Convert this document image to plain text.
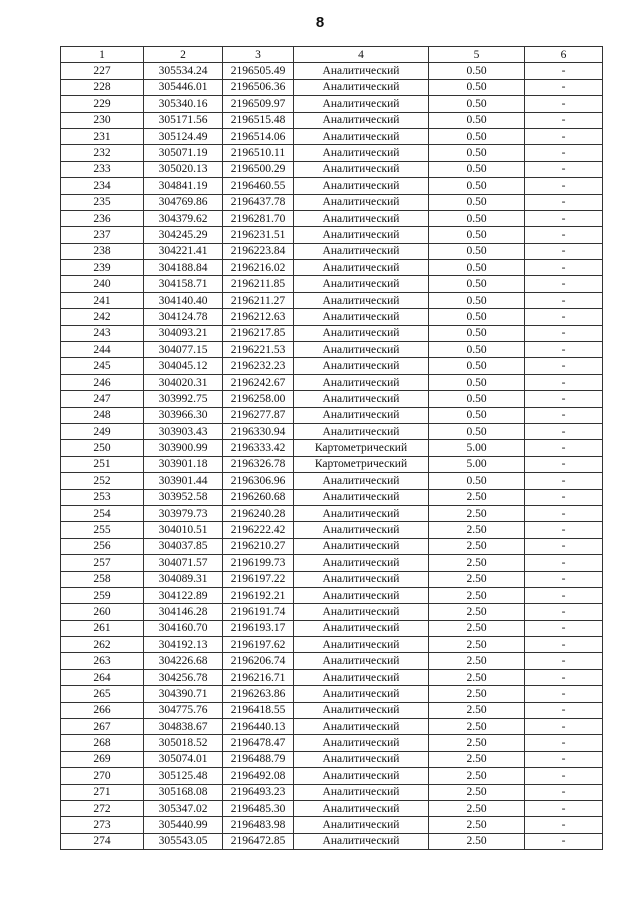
8
1	2	3	4	5	6
227	305534.24	2196505.49	Аналитический	0.50	-
228	305446.01	2196506.36	Аналитический	0.50	-
229	305340.16	2196509.97	Аналитический	0.50	-
230	305171.56	2196515.48	Аналитический	0.50	-
231	305124.49	2196514.06	Аналитический	0.50	-
232	305071.19	2196510.11	Аналитический	0.50	-
233	305020.13	2196500.29	Аналитический	0.50	-
234	304841.19	2196460.55	Аналитический	0.50	-
235	304769.86	2196437.78	Аналитический	0.50	-
236	304379.62	2196281.70	Аналитический	0.50	-
237	304245.29	2196231.51	Аналитический	0.50	-
238	304221.41	2196223.84	Аналитический	0.50	-
239	304188.84	2196216.02	Аналитический	0.50	-
240	304158.71	2196211.85	Аналитический	0.50	-
241	304140.40	2196211.27	Аналитический	0.50	-
242	304124.78	2196212.63	Аналитический	0.50	-
243	304093.21	2196217.85	Аналитический	0.50	-
244	304077.15	2196221.53	Аналитический	0.50	-
245	304045.12	2196232.23	Аналитический	0.50	-
246	304020.31	2196242.67	Аналитический	0.50	-
247	303992.75	2196258.00	Аналитический	0.50	-
248	303966.30	2196277.87	Аналитический	0.50	-
249	303903.43	2196330.94	Аналитический	0.50	-
250	303900.99	2196333.42	Картометрический	5.00	-
251	303901.18	2196326.78	Картометрический	5.00	-
252	303901.44	2196306.96	Аналитический	0.50	-
253	303952.58	2196260.68	Аналитический	2.50	-
254	303979.73	2196240.28	Аналитический	2.50	-
255	304010.51	2196222.42	Аналитический	2.50	-
256	304037.85	2196210.27	Аналитический	2.50	-
257	304071.57	2196199.73	Аналитический	2.50	-
258	304089.31	2196197.22	Аналитический	2.50	-
259	304122.89	2196192.21	Аналитический	2.50	-
260	304146.28	2196191.74	Аналитический	2.50	-
261	304160.70	2196193.17	Аналитический	2.50	-
262	304192.13	2196197.62	Аналитический	2.50	-
263	304226.68	2196206.74	Аналитический	2.50	-
264	304256.78	2196216.71	Аналитический	2.50	-
265	304390.71	2196263.86	Аналитический	2.50	-
266	304775.76	2196418.55	Аналитический	2.50	-
267	304838.67	2196440.13	Аналитический	2.50	-
268	305018.52	2196478.47	Аналитический	2.50	-
269	305074.01	2196488.79	Аналитический	2.50	-
270	305125.48	2196492.08	Аналитический	2.50	-
271	305168.08	2196493.23	Аналитический	2.50	-
272	305347.02	2196485.30	Аналитический	2.50	-
273	305440.99	2196483.98	Аналитический	2.50	-
274	305543.05	2196472.85	Аналитический	2.50	-
